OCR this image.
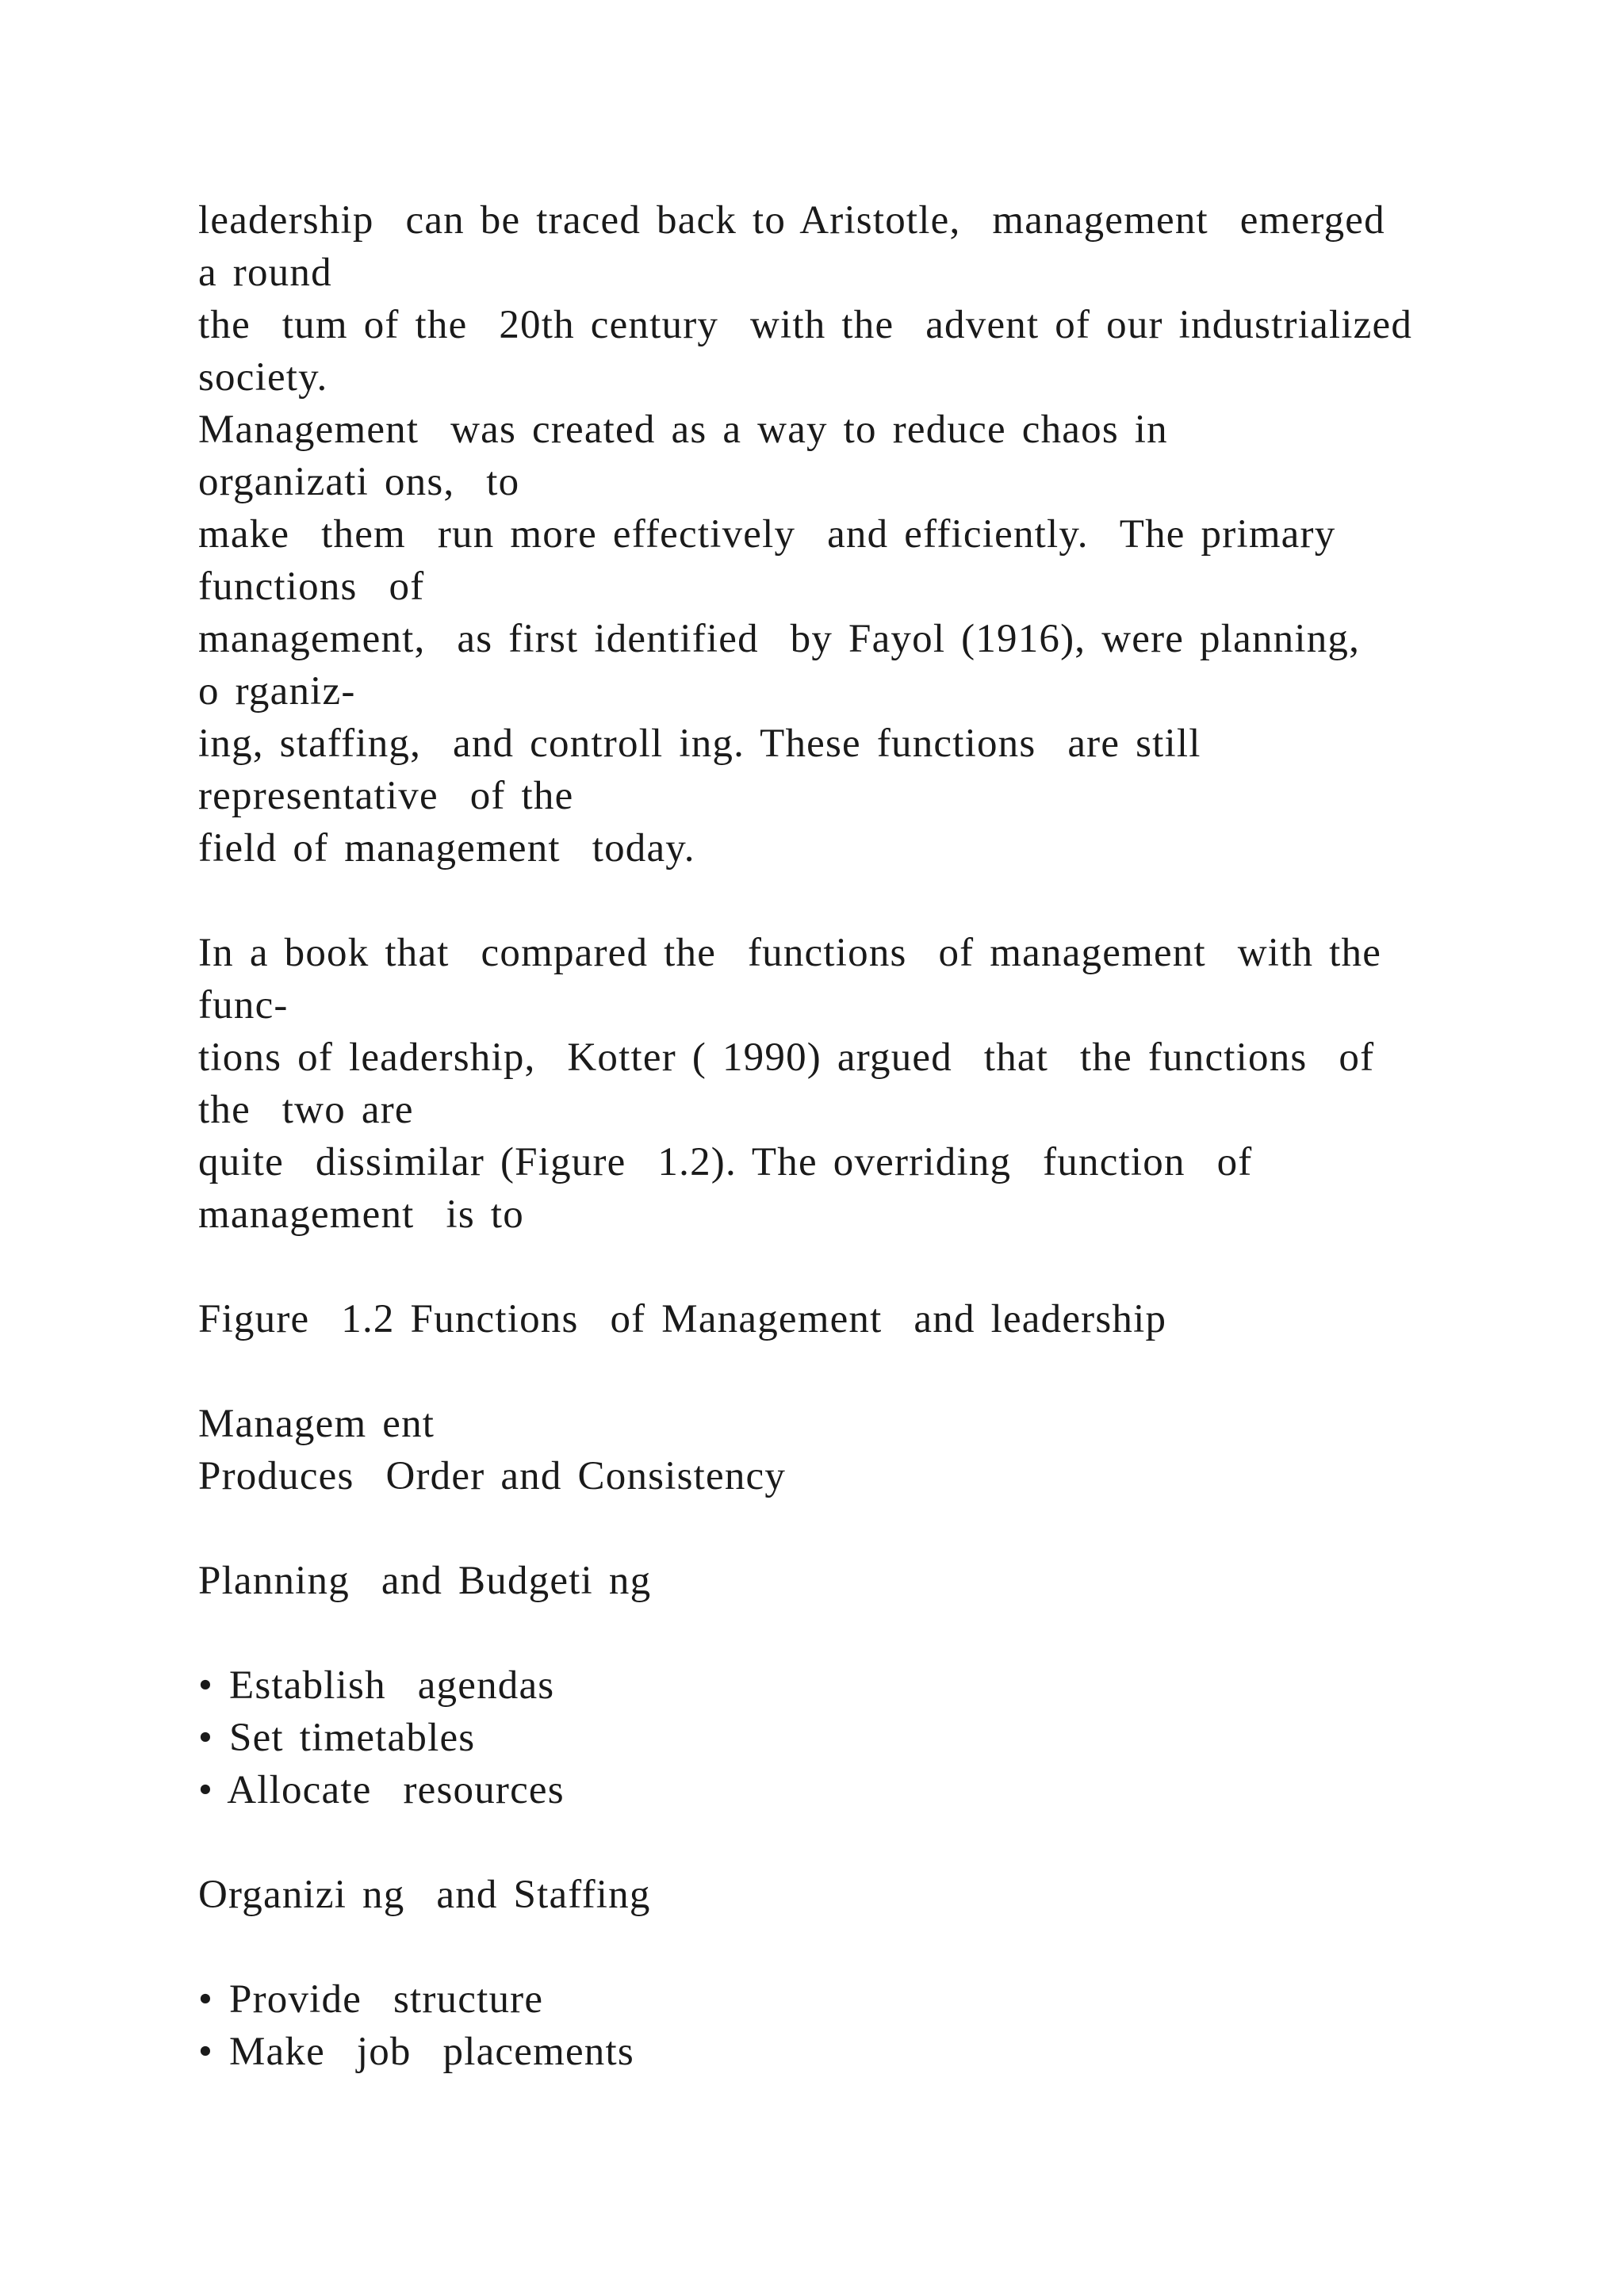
leadership  can be traced back to Aristotle,  management  emerged
a round
the  tum of the  20th century  with the  advent of our industrialized
society.
Management  was created as a way to reduce chaos in
organizati ons,  to
make  them  run more effectively  and efficiently.  The primary
functions  of
management,  as first identified  by Fayol (1916), were planning,
o rganiz-
ing, staffing,  and controll ing. These functions  are still
representative  of the
field of management  today.
In a book that  compared the  functions  of management  with the
func-
tions of leadership,  Kotter ( 1990) argued  that  the functions  of
the  two are
quite  dissimilar (Figure  1.2). The overriding  function  of
management  is to
Figure  1.2 Functions  of Management  and leadership
Managem ent
Produces  Order and Consistency
Planning  and Budgeti ng
• Establish  agendas
• Set timetables
• Allocate  resources
Organizi ng  and Staffing
• Provide  structure
• Make  job  placements
